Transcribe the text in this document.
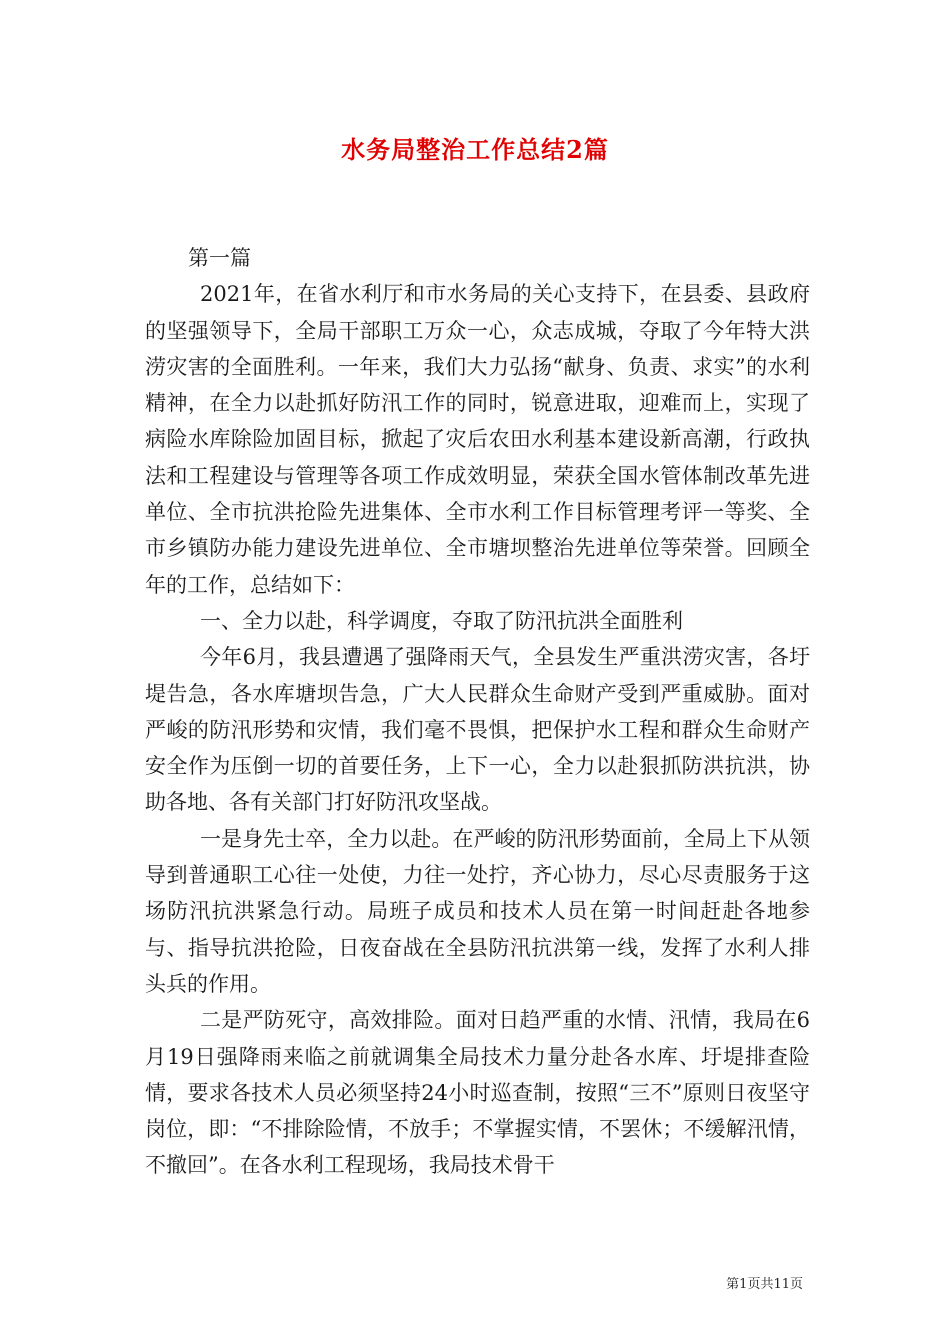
水务局整治工作总结2篇

第一篇

2021年，在省水利厅和市水务局的关心支持下，在县委、县政府的坚强领导下，全局干部职工万众一心，众志成城，夺取了今年特大洪涝灾害的全面胜利。一年来，我们大力弘扬“献身、负责、求实”的水利精神，在全力以赴抓好防汛工作的同时，锐意进取，迎难而上，实现了病险水库除险加固目标，掀起了灾后农田水利基本建设新高潮，行政执法和工程建设与管理等各项工作成效明显，荣获全国水管体制改革先进单位、全市抗洪抢险先进集体、全市水利工作目标管理考评一等奖、全市乡镇防办能力建设先进单位、全市塘坝整治先进单位等荣誉。回顾全年的工作，总结如下：

一、全力以赴，科学调度，夺取了防汛抗洪全面胜利

今年6月，我县遭遇了强降雨天气，全县发生严重洪涝灾害，各圩堤告急，各水库塘坝告急，广大人民群众生命财产受到严重威胁。面对严峻的防汛形势和灾情，我们毫不畏惧，把保护水工程和群众生命财产安全作为压倒一切的首要任务，上下一心，全力以赴狠抓防洪抗洪，协助各地、各有关部门打好防汛攻坚战。

一是身先士卒，全力以赴。在严峻的防汛形势面前，全局上下从领导到普通职工心往一处使，力往一处拧，齐心协力，尽心尽责服务于这场防汛抗洪紧急行动。局班子成员和技术人员在第一时间赶赴各地参与、指导抗洪抢险，日夜奋战在全县防汛抗洪第一线，发挥了水利人排头兵的作用。

二是严防死守，高效排险。面对日趋严重的水情、汛情，我局在6月19日强降雨来临之前就调集全局技术力量分赴各水库、圩堤排查险情，要求各技术人员必须坚持24小时巡查制，按照“三不”原则日夜坚守岗位，即：“不排除险情，不放手；不掌握实情，不罢休；不缓解汛情，不撤回”。在各水利工程现场，我局技术骨干

第1页共11页
